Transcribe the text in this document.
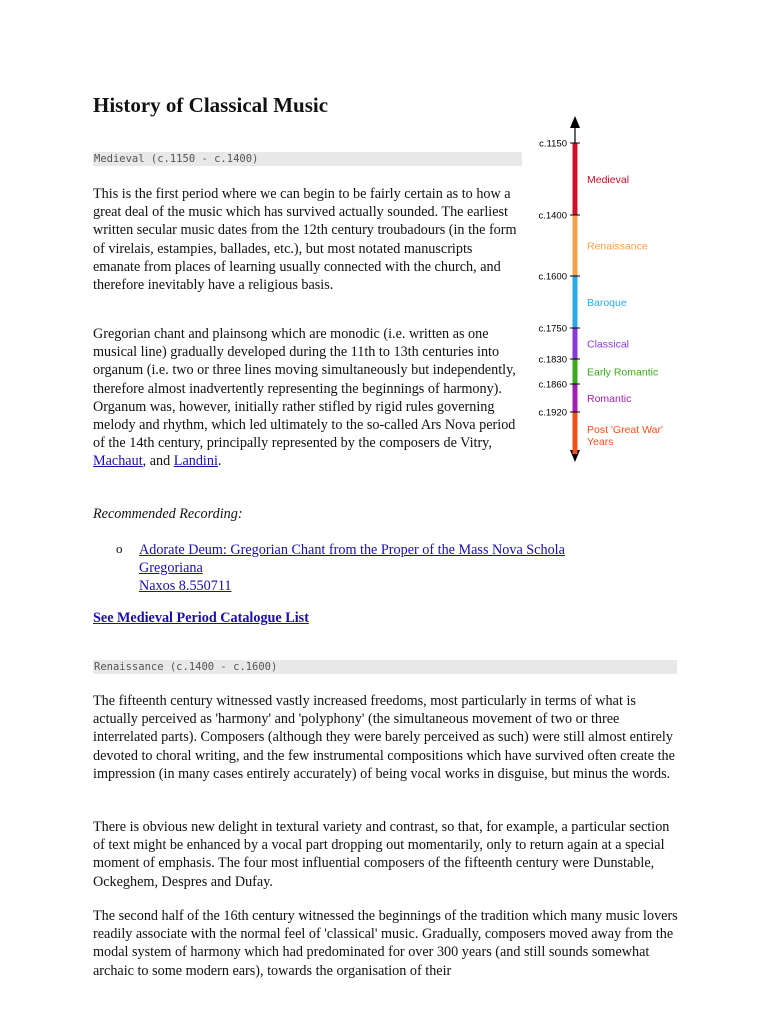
History of Classical Music
Medieval (c.1150 - c.1400)

This is the first period where we can begin to be fairly certain as to how a great deal of the music which has survived actually sounded. The earliest written secular music dates from the 12th century troubadours (in the form of virelais, estampies, ballades, etc.), but most notated manuscripts emanate from places of learning usually connected with the church, and therefore inevitably have a religious basis.

Gregorian chant and plainsong which are monodic (i.e. written as one musical line) gradually developed during the 11th to 13th centuries into organum (i.e. two or three lines moving simultaneously but independently, therefore almost inadvertently representing the beginnings of harmony). Organum was, however, initially rather stifled by rigid rules governing melody and rhythm, which led ultimately to the so-called Ars Nova period of the 14th century, principally represented by the composers de Vitry, Machaut, and Landini.

Recommended Recording:
o Adorate Deum: Gregorian Chant from the Proper of the Mass Nova Schola Gregoriana
Naxos 8.550711
See Medieval Period Catalogue List
Renaissance (c.1400 - c.1600)

The fifteenth century witnessed vastly increased freedoms, most particularly in terms of what is actually perceived as 'harmony' and 'polyphony' (the simultaneous movement of two or three interrelated parts). Composers (although they were barely perceived as such) were still almost entirely devoted to choral writing, and the few instrumental compositions which have survived often create the impression (in many cases entirely accurately) of being vocal works in disguise, but minus the words.

There is obvious new delight in textural variety and contrast, so that, for example, a particular section of text might be enhanced by a vocal part dropping out momentarily, only to return again at a special moment of emphasis. The four most influential composers of the fifteenth century were Dunstable, Ockeghem, Despres and Dufay.

The second half of the 16th century witnessed the beginnings of the tradition which many music lovers readily associate with the normal feel of 'classical' music. Gradually, composers moved away from the modal system of harmony which had predominated for over 300 years (and still sounds somewhat archaic to some modern ears), towards the organisation of their

c.1150
c.1400
c.1600
c.1750
c.1830
c.1860
c.1920
Medieval
Renaissance
Baroque
Classical
Early Romantic
Romantic
Post 'Great War'
Years
